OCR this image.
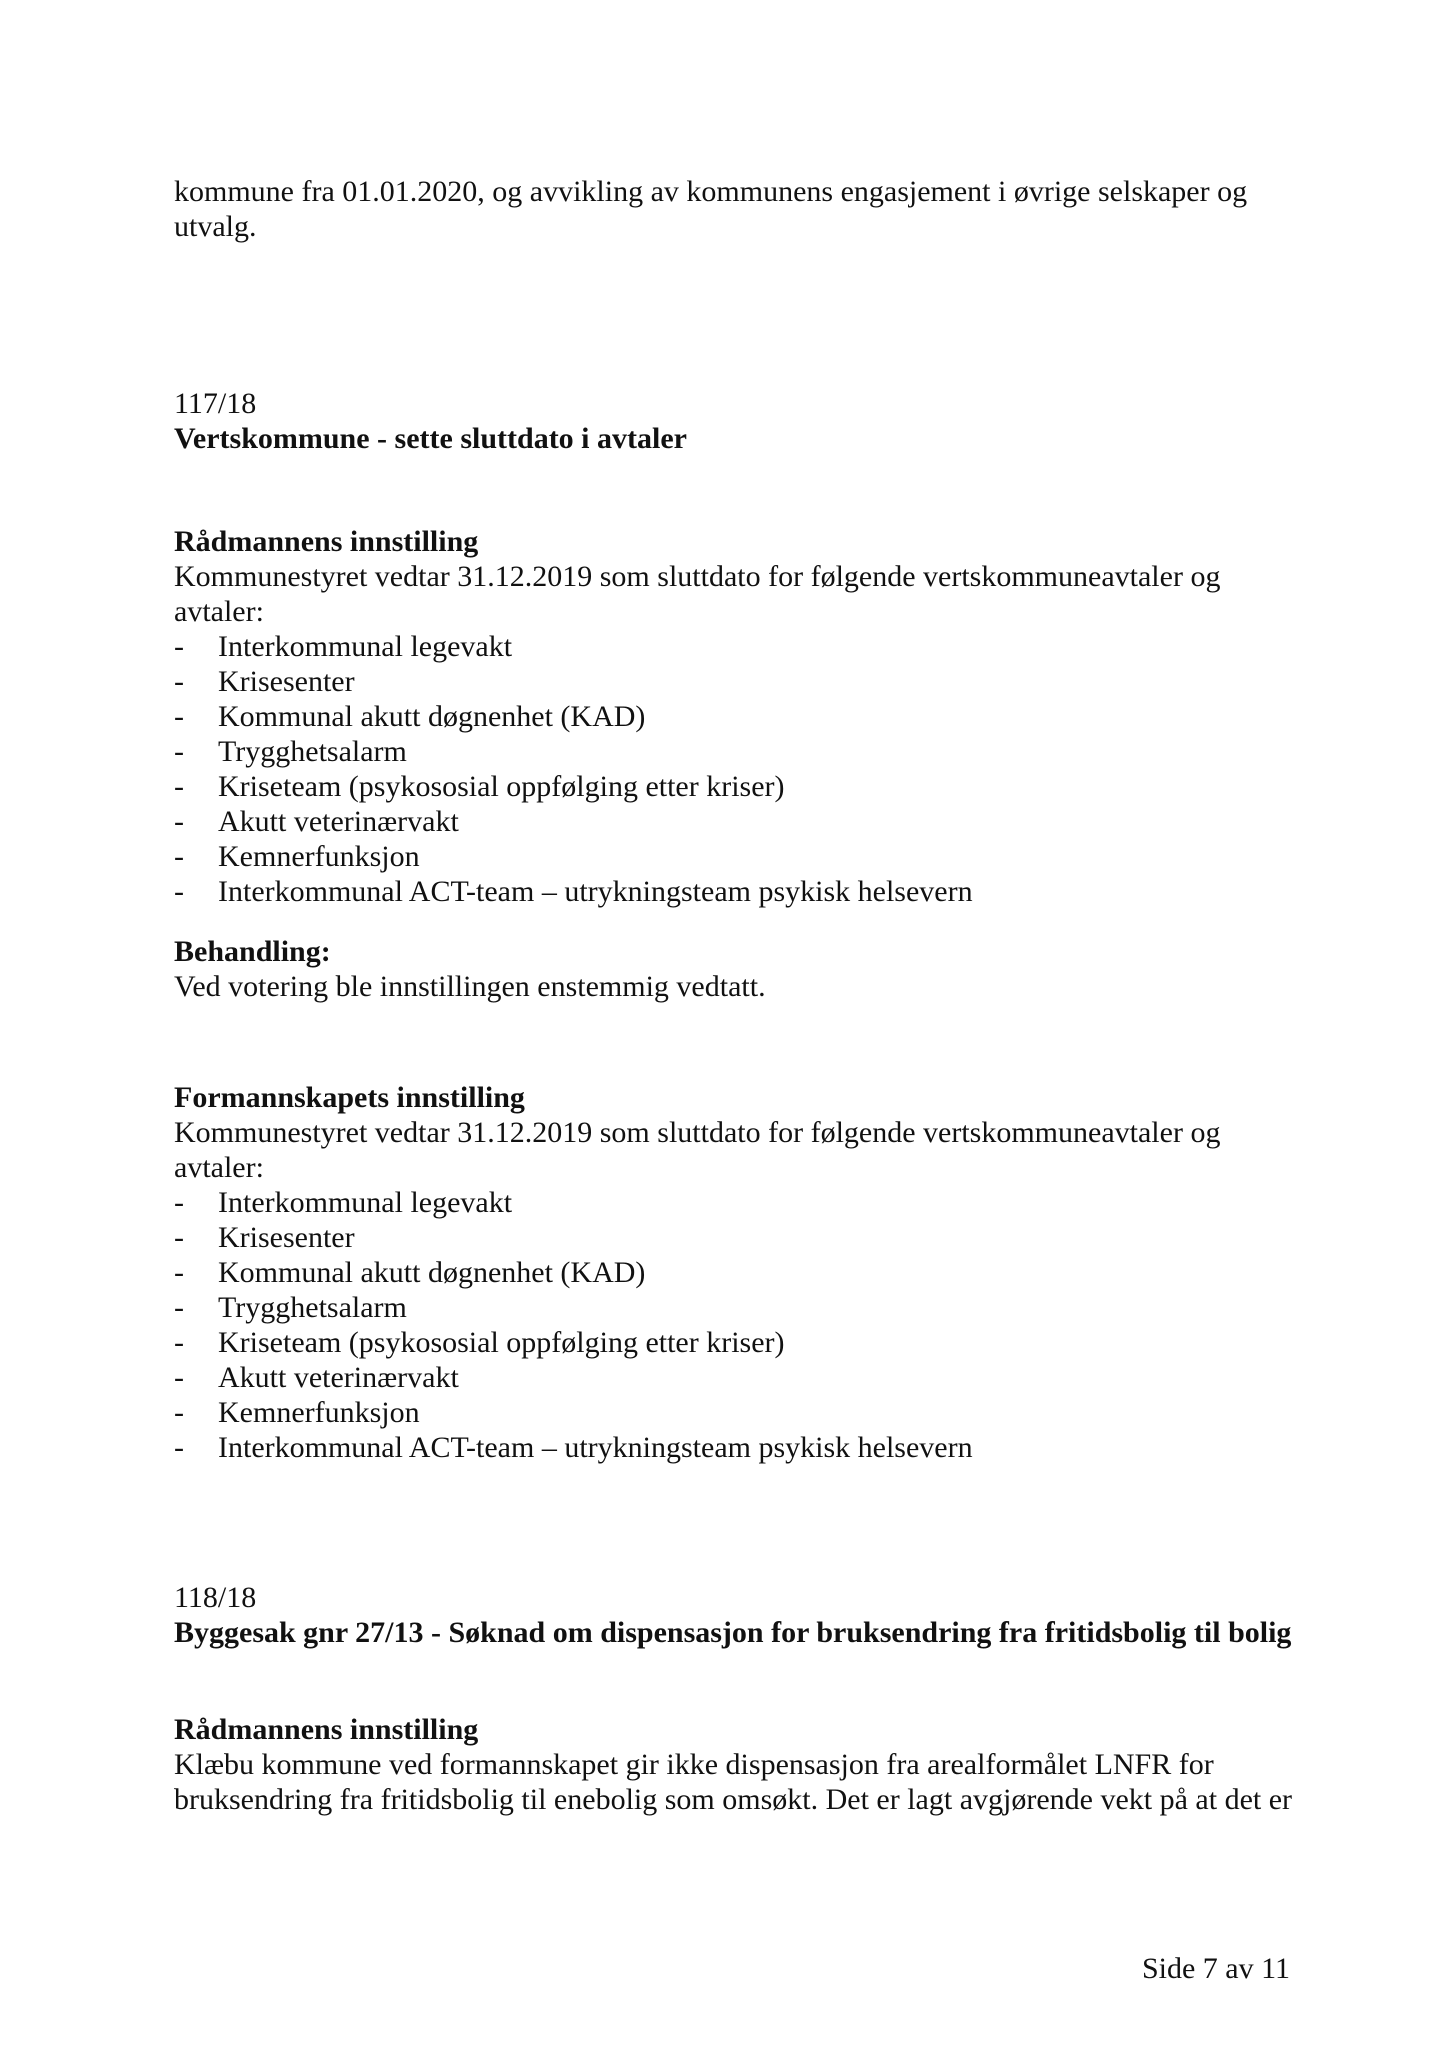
kommune fra 01.01.2020, og avvikling av kommunens engasjement i øvrige selskaper og

utvalg.

117/18

Vertskommune - sette sluttdato i avtaler

Rådmannens innstilling

Kommunestyret vedtar 31.12.2019 som sluttdato for følgende vertskommuneavtaler og

avtaler:

- Interkommunal legevakt
- Krisesenter
- Kommunal akutt døgnenhet (KAD)
- Trygghetsalarm
- Kriseteam (psykososial oppfølging etter kriser)
- Akutt veterinærvakt
- Kemnerfunksjon
- Interkommunal ACT-team – utrykningsteam psykisk helsevern

Behandling:

Ved votering ble innstillingen enstemmig vedtatt.

Formannskapets innstilling

Kommunestyret vedtar 31.12.2019 som sluttdato for følgende vertskommuneavtaler og

avtaler:

- Interkommunal legevakt
- Krisesenter
- Kommunal akutt døgnenhet (KAD)
- Trygghetsalarm
- Kriseteam (psykososial oppfølging etter kriser)
- Akutt veterinærvakt
- Kemnerfunksjon
- Interkommunal ACT-team – utrykningsteam psykisk helsevern

118/18

Byggesak gnr 27/13 - Søknad om dispensasjon for bruksendring fra fritidsbolig til bolig

Rådmannens innstilling

Klæbu kommune ved formannskapet gir ikke dispensasjon fra arealformålet LNFR for

bruksendring fra fritidsbolig til enebolig som omsøkt. Det er lagt avgjørende vekt på at det er

Side 7 av 11
